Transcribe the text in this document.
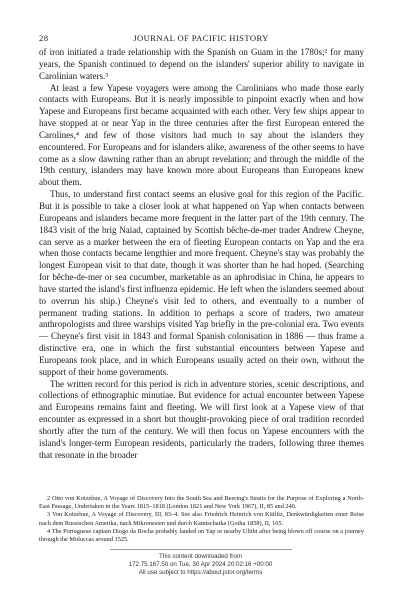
28	JOURNAL OF PACIFIC HISTORY

of iron initiated a trade relationship with the Spanish on Guam in the 1780s;² for many years, the Spanish continued to depend on the islanders' superior ability to navigate in Carolinian waters.³

At least a few Yapese voyagers were among the Carolinians who made those early contacts with Europeans. But it is nearly impossible to pinpoint exactly when and how Yapese and Europeans first became acquainted with each other. Very few ships appear to have stopped at or near Yap in the three centuries after the first European entered the Carolines,⁴ and few of those visitors had much to say about the islanders they encountered. For Europeans and for islanders alike, awareness of the other seems to have come as a slow dawning rather than an abrupt revelation; and through the middle of the 19th century, islanders may have known more about Europeans than Europeans knew about them.

Thus, to understand first contact seems an elusive goal for this region of the Pacific. But it is possible to take a closer look at what happened on Yap when contacts between Europeans and islanders became more frequent in the latter part of the 19th century. The 1843 visit of the brig Naiad, captained by Scottish bêche-de-mer trader Andrew Cheyne, can serve as a marker between the era of fleeting European contacts on Yap and the era when those contacts became lengthier and more frequent. Cheyne's stay was probably the longest European visit to that date, though it was shorter than he had hoped. (Searching for bêche-de-mer or sea cucumber, marketable as an aphrodisiac in China, he appears to have started the island's first influenza epidemic. He left when the islanders seemed about to overrun his ship.) Cheyne's visit led to others, and eventually to a number of permanent trading stations. In addition to perhaps a score of traders, two amateur anthropologists and three warships visited Yap briefly in the pre-colonial era. Two events — Cheyne's first visit in 1843 and formal Spanish colonisation in 1886 — thus frame a distinctive era, one in which the first substantial encounters between Yapese and Europeans took place, and in which Europeans usually acted on their own, without the support of their home governments.

The written record for this period is rich in adventure stories, scenic descriptions, and collections of ethnographic minutiae. But evidence for actual encounter between Yapese and Europeans remains faint and fleeting. We will first look at a Yapese view of that encounter as expressed in a short but thought-provoking piece of oral tradition recorded shortly after the turn of the century. We will then focus on Yapese encounters with the island's longer-term European residents, particularly the traders, following three themes that resonate in the broader

2 Otto von Kotzebue, A Voyage of Discovery Into the South Sea and Beering's Straits for the Purpose of Exploring a North-East Passage, Undertaken in the Years 1815–1818 (London 1821 and New York 1967), II, 85 and 240.

3 Von Kotzebue, A Voyage of Discovery, III, 83–4. See also Friedrich Heinrich von Kittlitz, Denkwürdigkeiten einer Reise nach dem Russischen Amerika, nach Mikronesien und durch Kamtschatka (Gotha 1858), II, 165.

4 The Portuguese captain Diogo da Rocha probably landed on Yap or nearby Ulithi after being blown off course on a journey through the Moluccas around 1525.

This content downloaded from
172.75.167.50 on Tue, 30 Apr 2024 20:02:16 +00:00
All use subject to https://about.jstor.org/terms
